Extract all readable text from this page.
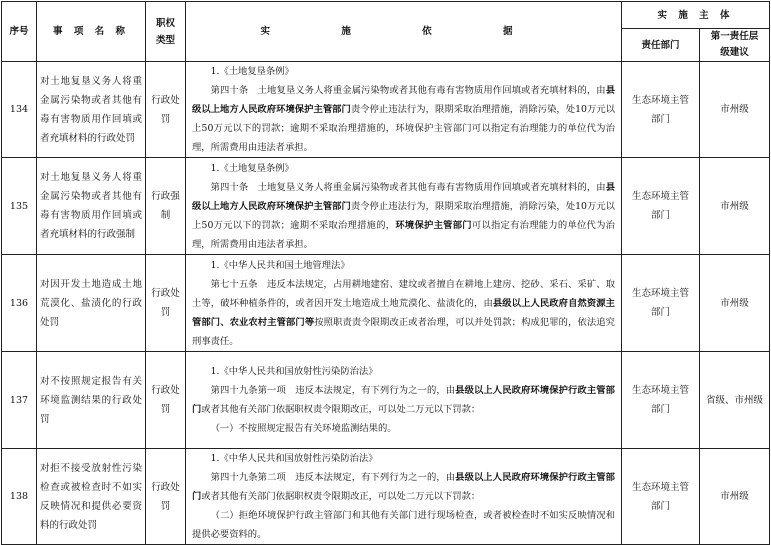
序号	事 项 名 称	职权类型	实 施 依 据	实 施 主 体	
				责任部门	第一责任层级建议
134	对土地复垦义务人将重金属污染物或者其他有毒有害物质用作回填或者充填材料的行政处罚	行政处罚	1.《土地复垦条例》
第四十条　土地复垦义务人将重金属污染物或者其他有毒有害物质用作回填或者充填材料的，由县级以上地方人民政府环境保护主管部门责令停止违法行为，限期采取治理措施，消除污染，处10万元以上50万元以下的罚款；逾期不采取治理措施的，环境保护主管部门可以指定有治理能力的单位代为治理，所需费用由违法者承担。	生态环境主管部门	市州级
135	对土地复垦义务人将重金属污染物或者其他有毒有害物质用作回填或者充填材料的行政强制	行政强制	1.《土地复垦条例》
第四十条　土地复垦义务人将重金属污染物或者其他有毒有害物质用作回填或者充填材料的，由县级以上地方人民政府环境保护主管部门责令停止违法行为，限期采取治理措施，消除污染，处10万元以上50万元以下的罚款；逾期不采取治理措施的，环境保护主管部门可以指定有治理能力的单位代为治理，所需费用由违法者承担。	生态环境主管部门	市州级
136	对因开发土地造成土地荒漠化、盐渍化的行政处罚	行政处罚	1.《中华人民共和国土地管理法》
第七十五条　违反本法规定，占用耕地建窑、建坟或者擅自在耕地上建房、挖砂、采石、采矿、取土等，破坏种植条件的，或者因开发土地造成土地荒漠化、盐渍化的，由县级以上人民政府自然资源主管部门、农业农村主管部门等按照职责责令限期改正或者治理，可以并处罚款；构成犯罪的，依法追究刑事责任。	生态环境主管部门	市州级
137	对不按照规定报告有关环境监测结果的行政处罚	行政处罚	1.《中华人民共和国放射性污染防治法》
第四十九条第一项　违反本法规定，有下列行为之一的，由县级以上人民政府环境保护行政主管部门或者其他有关部门依据职权责令限期改正，可以处二万元以下罚款：
（一）不按照规定报告有关环境监测结果的。	生态环境主管部门	省级、市州级
138	对拒不接受放射性污染检查或被检查时不如实反映情况和提供必要资料的行政处罚	行政处罚	1.《中华人民共和国放射性污染防治法》
第四十九条第二项　违反本法规定，有下列行为之一的，由县级以上人民政府环境保护行政主管部门或者其他有关部门依据职权责令限期改正，可以处二万元以下罚款：
（二）拒绝环境保护行政主管部门和其他有关部门进行现场检查，或者被检查时不如实反映情况和提供必要资料的。	生态环境主管部门	市州级
